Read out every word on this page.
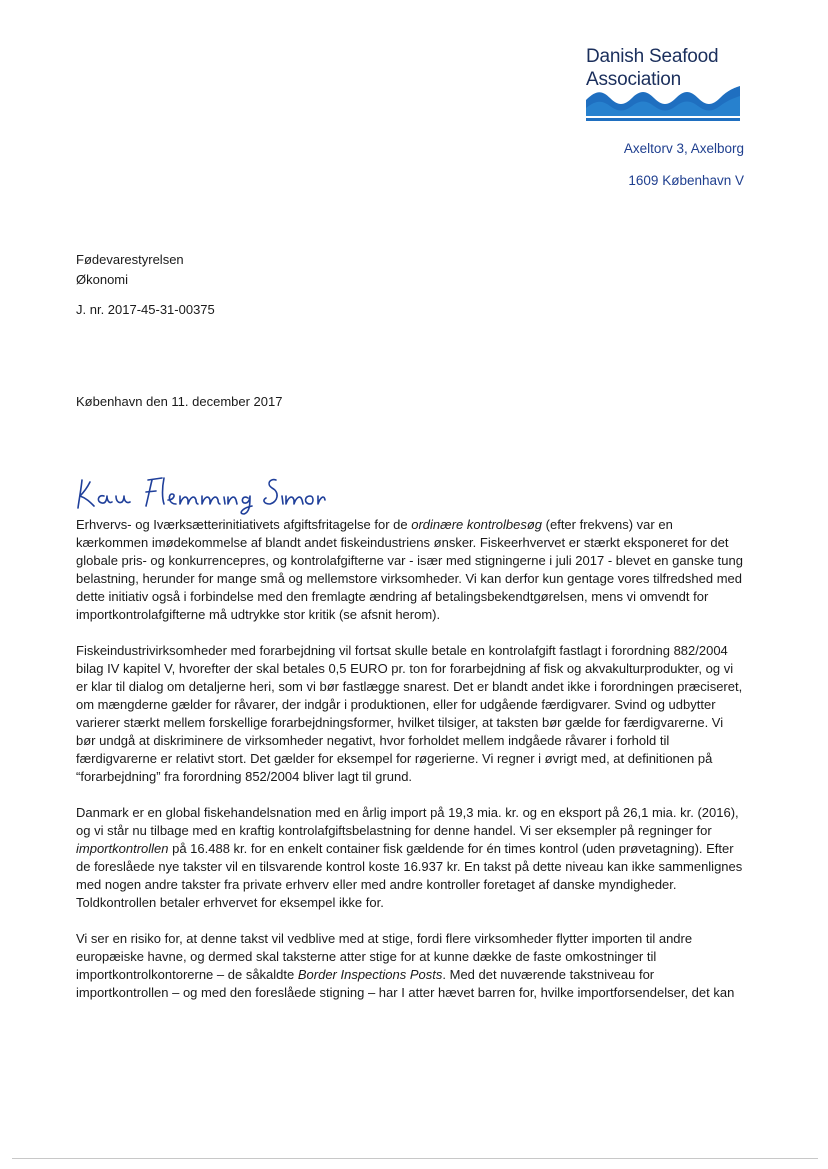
Danish Seafood
Association
Axeltorv 3, Axelborg
1609 København V
Fødevarestyrelsen
Økonomi
J. nr. 2017-45-31-00375
København den 11. december 2017

Erhvervs- og Iværksætterinitiativets afgiftsfritagelse for de ordinære kontrolbesøg (efter frekvens) var en kærkommen imødekommelse af blandt andet fiskeindustriens ønsker. Fiskeerhvervet er stærkt eksponeret for det globale pris- og konkurrencepres, og kontrolafgifterne var - især med stigningerne i juli 2017 - blevet en ganske tung belastning, herunder for mange små og mellemstore virksomheder. Vi kan derfor kun gentage vores tilfredshed med dette initiativ også i forbindelse med den fremlagte ændring af betalingsbekendtgørelsen, mens vi omvendt for importkontrolafgifterne må udtrykke stor kritik (se afsnit herom).

Fiskeindustrivirksomheder med forarbejdning vil fortsat skulle betale en kontrolafgift fastlagt i forordning 882/2004 bilag IV kapitel V, hvorefter der skal betales 0,5 EURO pr. ton for forarbejdning af fisk og akvakulturprodukter, og vi er klar til dialog om detaljerne heri, som vi bør fastlægge snarest. Det er blandt andet ikke i forordningen præciseret, om mængderne gælder for råvarer, der indgår i produktionen, eller for udgående færdigvarer. Svind og udbytter varierer stærkt mellem forskellige forarbejdningsformer, hvilket tilsiger, at taksten bør gælde for færdigvarerne. Vi bør undgå at diskriminere de virksomheder negativt, hvor forholdet mellem indgåede råvarer i forhold til færdigvarerne er relativt stort. Det gælder for eksempel for røgerierne. Vi regner i øvrigt med, at definitionen på “forarbejdning” fra forordning 852/2004 bliver lagt til grund.

Danmark er en global fiskehandelsnation med en årlig import på 19,3 mia. kr. og en eksport på 26,1 mia. kr. (2016), og vi står nu tilbage med en kraftig kontrolafgiftsbelastning for denne handel. Vi ser eksempler på regninger for importkontrollen på 16.488 kr. for en enkelt container fisk gældende for én times kontrol (uden prøvetagning). Efter de foreslåede nye takster vil en tilsvarende kontrol koste 16.937 kr. En takst på dette niveau kan ikke sammenlignes med nogen andre takster fra private erhverv eller med andre kontroller foretaget af danske myndigheder. Toldkontrollen betaler erhvervet for eksempel ikke for.

Vi ser en risiko for, at denne takst vil vedblive med at stige, fordi flere virksomheder flytter importen til andre europæiske havne, og dermed skal taksterne atter stige for at kunne dække de faste omkostninger til importkontrolkontorerne – de såkaldte Border Inspections Posts. Med det nuværende takstniveau for importkontrollen – og med den foreslåede stigning – har I atter hævet barren for, hvilke importforsendelser, det kan
